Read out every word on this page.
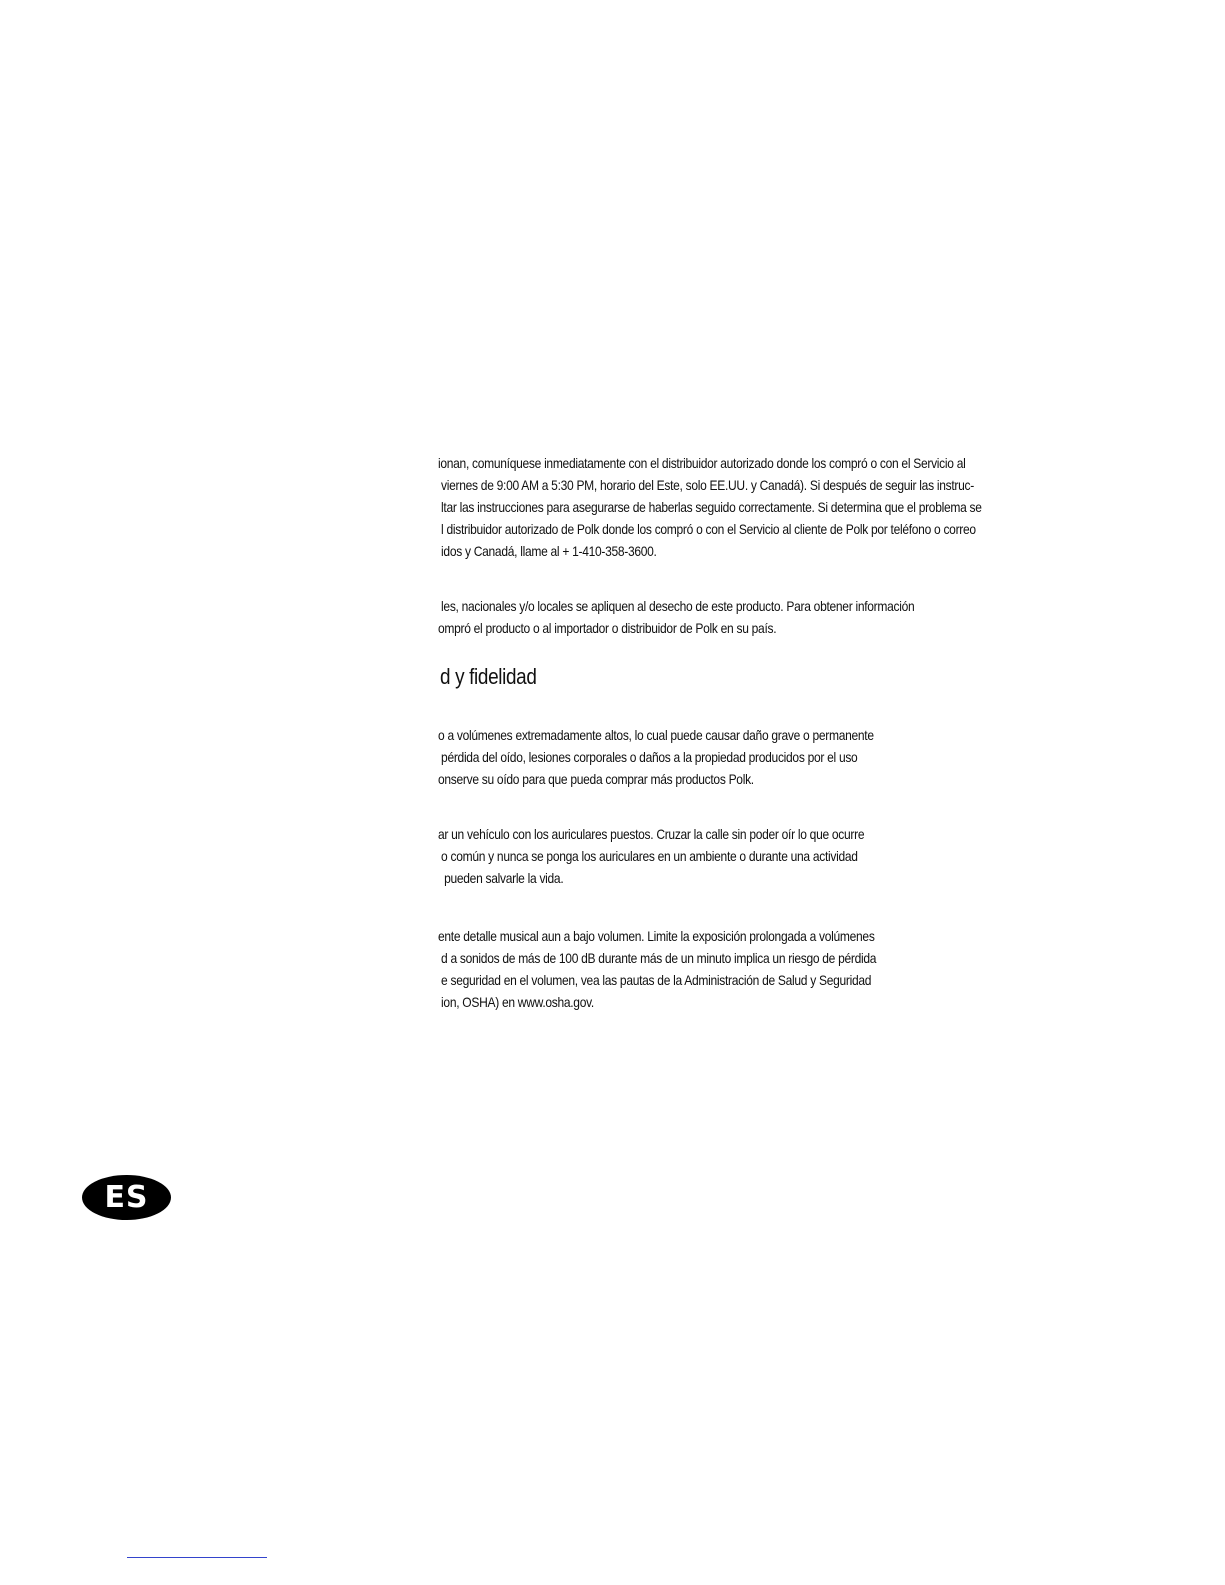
ionan, comuníquese inmediatamente con el distribuidor autorizado donde los compró o con el Servicio al

viernes de 9:00 AM a 5:30 PM, horario del Este, solo EE.UU. y Canadá). Si después de seguir las instruc-

ltar las instrucciones para asegurarse de haberlas seguido correctamente. Si determina que el problema se

l distribuidor autorizado de Polk donde los compró o con el Servicio al cliente de Polk por teléfono o correo

idos y Canadá, llame al + 1-410-358-3600.

les, nacionales y/o locales se apliquen al desecho de este producto. Para obtener información

ompró el producto o al importador o distribuidor de Polk en su país.

d y fidelidad

o a volúmenes extremadamente altos, lo cual puede causar daño grave o permanente

pérdida del oído, lesiones corporales o daños a la propiedad producidos por el uso

onserve su oído para que pueda comprar más productos Polk.

ar un vehículo con los auriculares puestos. Cruzar la calle sin poder oír lo que ocurre

o común y nunca se ponga los auriculares en un ambiente o durante una actividad

pueden salvarle la vida.

ente detalle musical aun a bajo volumen. Limite la exposición prolongada a volúmenes

d a sonidos de más de 100 dB durante más de un minuto implica un riesgo de pérdida

e seguridad en el volumen, vea las pautas de la Administración de Salud y Seguridad

ion, OSHA) en www.osha.gov.

ES
